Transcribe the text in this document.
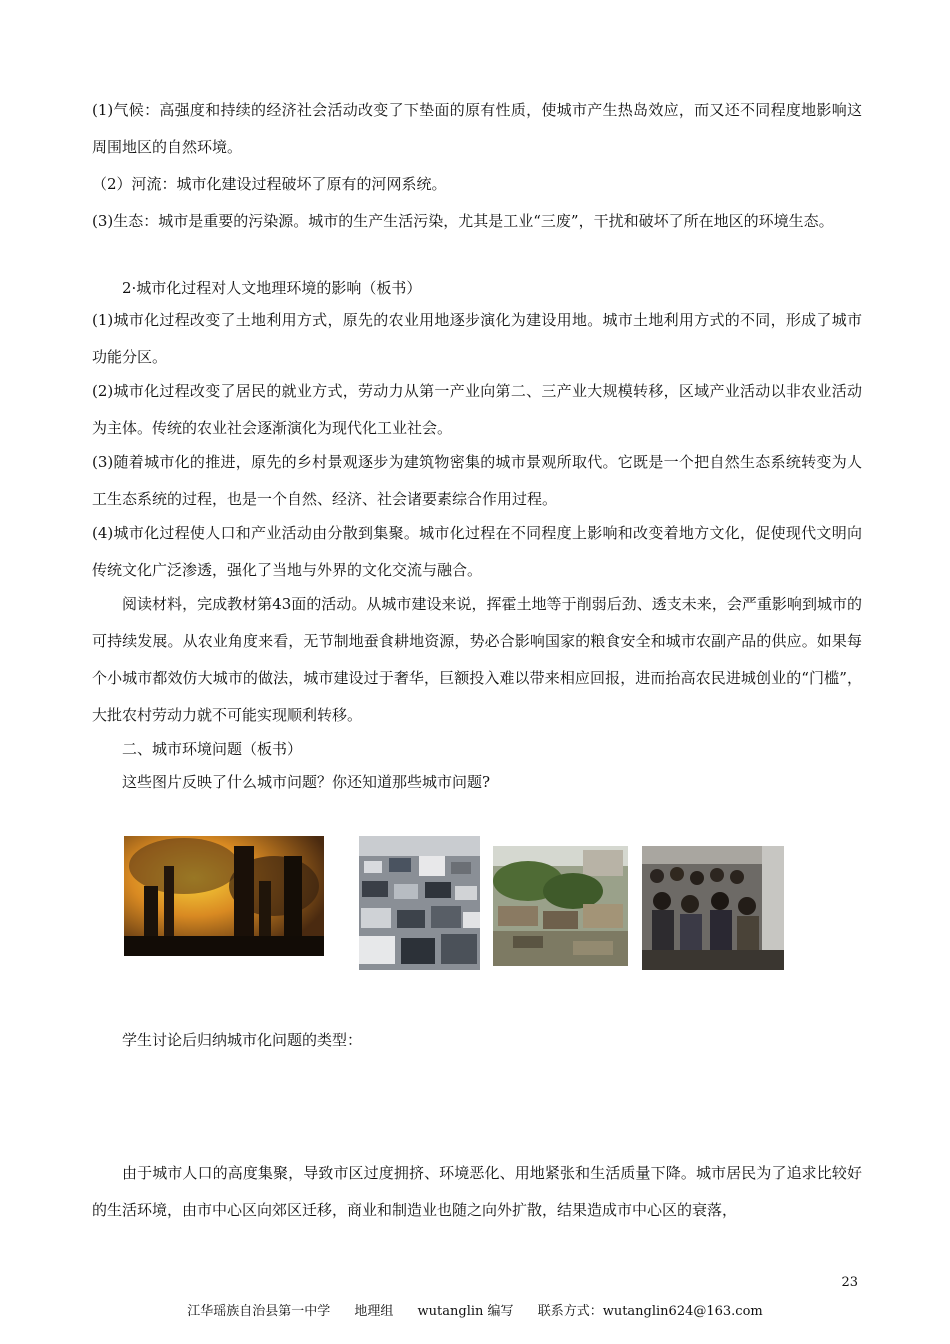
(1)气候：高强度和持续的经济社会活动改变了下垫面的原有性质，使城市产生热岛效应，而又还不同程度地影响这周围地区的自然环境。

（2）河流：城市化建设过程破坏了原有的河网系统。

(3)生态：城市是重要的污染源。城市的生产生活污染，尤其是工业“三废”，干扰和破坏了所在地区的环境生态。

2·城市化过程对人文地理环境的影响（板书）

(1)城市化过程改变了土地利用方式，原先的农业用地逐步演化为建设用地。城市土地利用方式的不同，形成了城市功能分区。

(2)城市化过程改变了居民的就业方式，劳动力从第一产业向第二、三产业大规模转移，区域产业活动以非农业活动为主体。传统的农业社会逐渐演化为现代化工业社会。

(3)随着城市化的推进，原先的乡村景观逐步为建筑物密集的城市景观所取代。它既是一个把自然生态系统转变为人工生态系统的过程，也是一个自然、经济、社会诸要素综合作用过程。

(4)城市化过程使人口和产业活动由分散到集聚。城市化过程在不同程度上影响和改变着地方文化，促使现代文明向传统文化广泛渗透，强化了当地与外界的文化交流与融合。

阅读材料，完成教材第43面的活动。从城市建设来说，挥霍土地等于削弱后劲、透支未来，会严重影响到城市的可持续发展。从农业角度来看，无节制地蚕食耕地资源，势必合影响国家的粮食安全和城市农副产品的供应。如果每个小城市都效仿大城市的做法，城市建设过于奢华，巨额投入难以带来相应回报，进而抬高农民进城创业的“门槛”，大批农村劳动力就不可能实现顺利转移。

二、城市环境问题（板书）

这些图片反映了什么城市问题？你还知道那些城市问题?

学生讨论后归纳城市化问题的类型：

由于城市人口的高度集聚，导致市区过度拥挤、环境恶化、用地紧张和生活质量下降。城市居民为了追求比较好的生活环境，由市中心区向郊区迁移，商业和制造业也随之向外扩散，结果造成市中心区的衰落，

23
江华瑶族自治县第一中学 地理组 wutanglin 编写 联系方式：wutanglin624@163.com
